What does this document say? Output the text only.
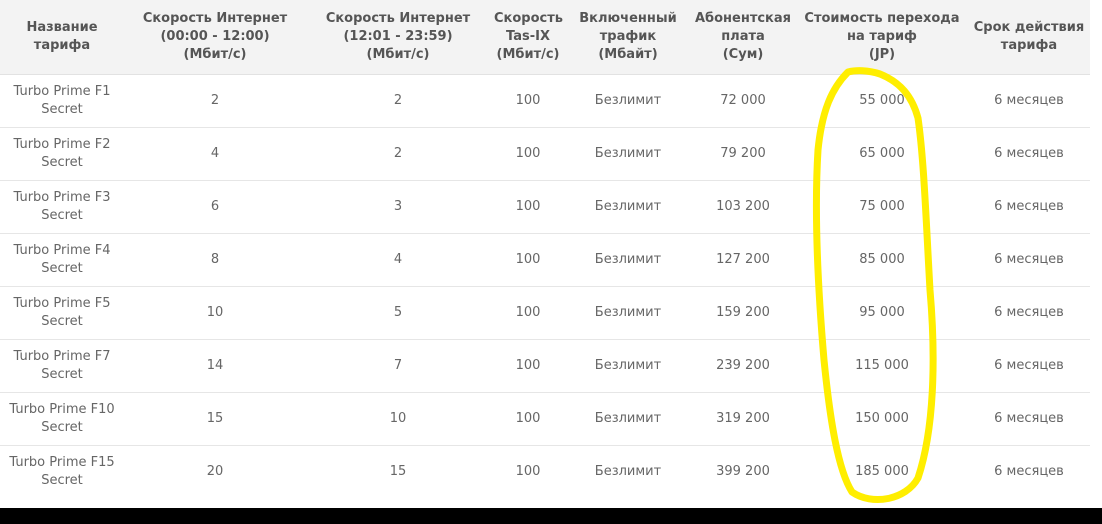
Название
тарифа	Скорость Интернет
(00:00 - 12:00)
(Мбит/с)	Скорость Интернет
(12:01 - 23:59)
(Мбит/с)	Скорость
Tas-IX
(Мбит/с)	Включенный
трафик
(Мбайт)	Абонентская
плата
(Сум)	Стоимость перехода
на тариф
(JP)	Срок действия
тарифа
Turbo Prime F1
Secret	2	2	100	Безлимит	72 000	55 000	6 месяцев
Turbo Prime F2
Secret	4	2	100	Безлимит	79 200	65 000	6 месяцев
Turbo Prime F3
Secret	6	3	100	Безлимит	103 200	75 000	6 месяцев
Turbo Prime F4
Secret	8	4	100	Безлимит	127 200	85 000	6 месяцев
Turbo Prime F5
Secret	10	5	100	Безлимит	159 200	95 000	6 месяцев
Turbo Prime F7
Secret	14	7	100	Безлимит	239 200	115 000	6 месяцев
Turbo Prime F10
Secret	15	10	100	Безлимит	319 200	150 000	6 месяцев
Turbo Prime F15
Secret	20	15	100	Безлимит	399 200	185 000	6 месяцев
